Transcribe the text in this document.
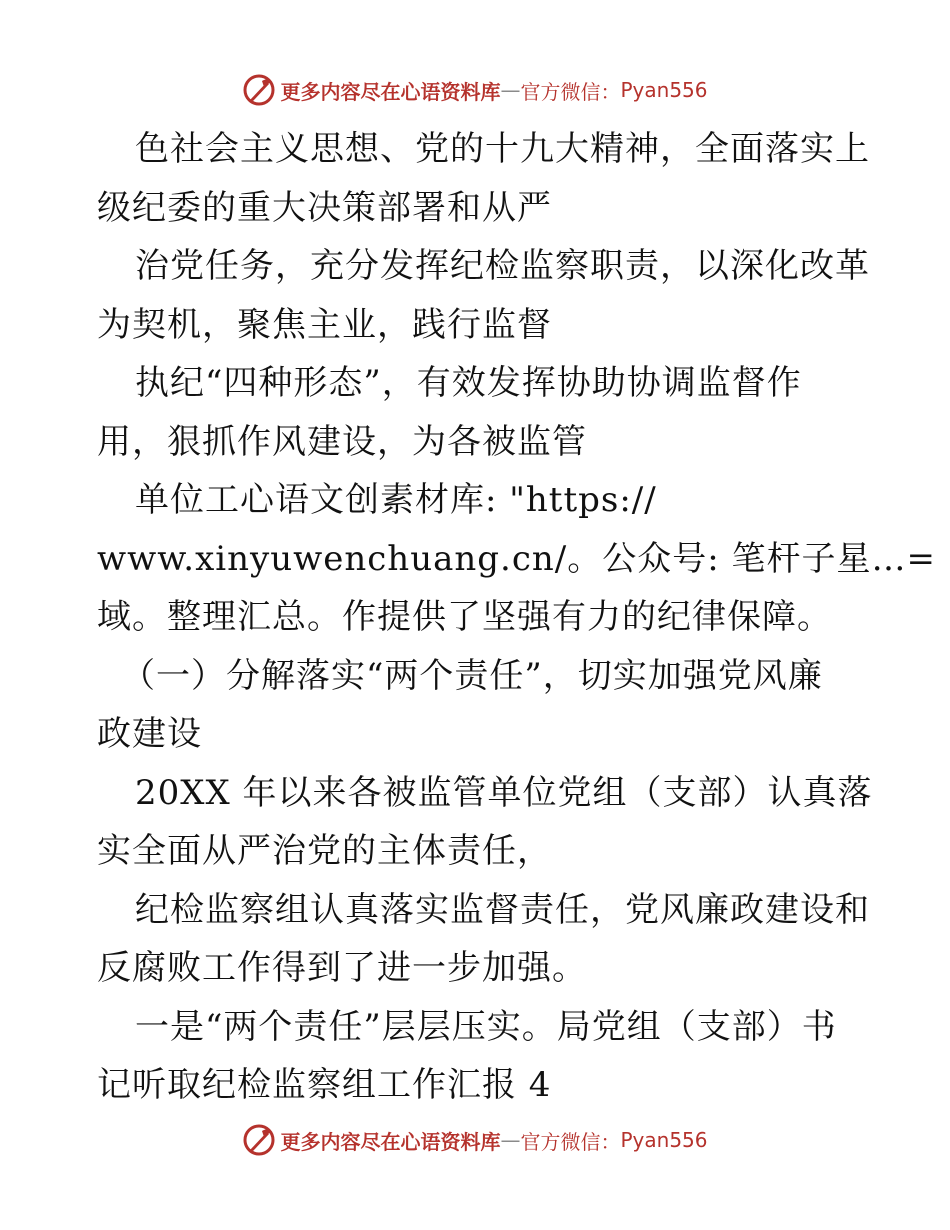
更多内容尽在心语资料库 — 官方微信： Pyan556
色社会主义思想、党的十九大精神，全面落实上
级纪委的重大决策部署和从严
治党任务，充分发挥纪检监察职责，以深化改革
为契机，聚焦主业，践行监督
执纪“四种形态”，有效发挥协助协调监督作
用，狠抓作风建设，为各被监管
单位工心语文创素材库: "https://
www.xinyuwenchuang.cn/。公众号: 笔杆子星…=
域。整理汇总。作提供了坚强有力的纪律保障。
（一）分解落实“两个责任”，切实加强党风廉
政建设
20XX 年以来各被监管单位党组（支部）认真落
实全面从严治党的主体责任，
纪检监察组认真落实监督责任，党风廉政建设和
反腐败工作得到了进一步加强。
一是“两个责任”层层压实。局党组（支部）书
记听取纪检监察组工作汇报 4
更多内容尽在心语资料库 — 官方微信： Pyan556
